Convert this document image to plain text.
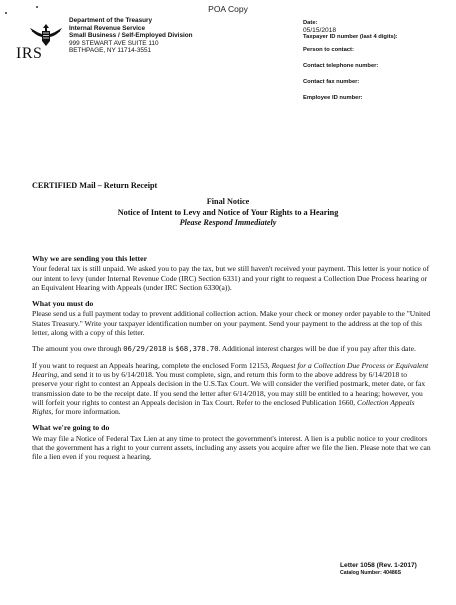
POA Copy
IRS
Department of the Treasury
Internal Revenue Service
Small Business / Self-Employed Division
999 STEWART AVE SUITE 110
BETHPAGE, NY 11714-3551
Date:
05/15/2018
Taxpayer ID number (last 4 digits):
Person to contact:
Contact telephone number:
Contact fax number:
Employee ID number:
CERTIFIED Mail – Return Receipt
Final Notice
Notice of Intent to Levy and Notice of Your Rights to a Hearing
Please Respond Immediately
Why we are sending you this letter

Your federal tax is still unpaid. We asked you to pay the tax, but we still haven't received your payment. This letter is your notice of our intent to levy (under Internal Revenue Code (IRC) Section 6331) and your right to request a Collection Due Process hearing or an Equivalent Hearing with Appeals (under IRC Section 6330(a)).

What you must do

Please send us a full payment today to prevent additional collection action. Make your check or money order payable to the "United States Treasury." Write your taxpayer identification number on your payment. Send your payment to the address at the top of this letter, along with a copy of this letter.

The amount you owe through 06/29/2018 is $68,378.70. Additional interest charges will be due if you pay after this date.

If you want to request an Appeals hearing, complete the enclosed Form 12153, Request for a Collection Due Process or Equivalent Hearing, and send it to us by 6/14/2018. You must complete, sign, and return this form to the above address by 6/14/2018 to preserve your right to contest an Appeals decision in the U.S.Tax Court. We will consider the verified postmark, meter date, or fax transmission date to be the receipt date. If you send the letter after 6/14/2018, you may still be entitled to a hearing; however, you will forfeit your rights to contest an Appeals decision in Tax Court. Refer to the enclosed Publication 1660, Collection Appeals Rights, for more information.

What we're going to do

We may file a Notice of Federal Tax Lien at any time to protect the government's interest. A lien is a public notice to your creditors that the government has a right to your current assets, including any assets you acquire after we file the lien. Please note that we can file a lien even if you request a hearing.

Letter 1058 (Rev. 1-2017)
Catalog Number: 40486S
